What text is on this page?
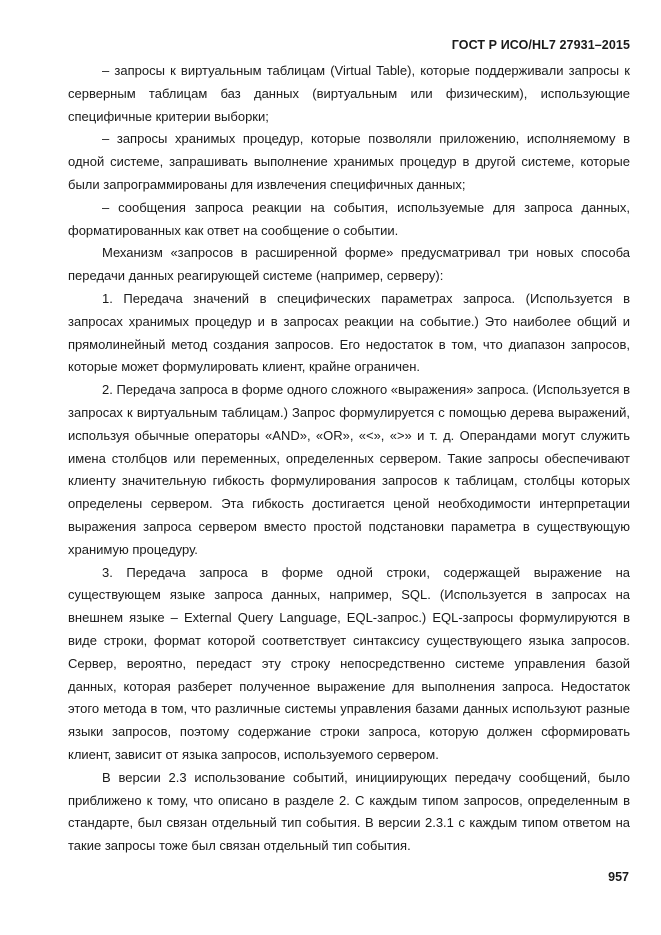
ГОСТ Р ИСО/HL7 27931–2015

– запросы к виртуальным таблицам (Virtual Table), которые поддерживали запросы к серверным таблицам баз данных (виртуальным или физическим), использующие специфичные критерии выборки;

– запросы хранимых процедур, которые позволяли приложению, исполняемому в одной системе, запрашивать выполнение хранимых процедур в другой системе, которые были запрограммированы для извлечения специфичных данных;

– сообщения запроса реакции на события, используемые для запроса данных, форматированных как ответ на сообщение о событии.

Механизм «запросов в расширенной форме» предусматривал три новых способа передачи данных реагирующей системе (например, серверу):

1. Передача значений в специфических параметрах запроса. (Используется в запросах хранимых процедур и в запросах реакции на событие.) Это наиболее общий и прямолинейный метод создания запросов. Его недостаток в том, что диапазон запросов, которые может формулировать клиент, крайне ограничен.

2. Передача запроса в форме одного сложного «выражения» запроса. (Используется в запросах к виртуальным таблицам.) Запрос формулируется с помощью дерева выражений, используя обычные операторы «AND», «OR», «<», «>» и т. д. Операндами могут служить имена столбцов или переменных, определенных сервером. Такие запросы обеспечивают клиенту значительную гибкость формулирования запросов к таблицам, столбцы которых определены сервером. Эта гибкость достигается ценой необходимости интерпретации выражения запроса сервером вместо простой подстановки параметра в существующую хранимую процедуру.

3. Передача запроса в форме одной строки, содержащей выражение на существующем языке запроса данных, например, SQL. (Используется в запросах на внешнем языке – External Query Language, EQL-запрос.) EQL-запросы формулируются в виде строки, формат которой соответствует синтаксису существующего языка запросов. Сервер, вероятно, передаст эту строку непосредственно системе управления базой данных, которая разберет полученное выражение для выполнения запроса. Недостаток этого метода в том, что различные системы управления базами данных используют разные языки запросов, поэтому содержание строки запроса, которую должен сформировать клиент, зависит от языка запросов, используемого сервером.

В версии 2.3 использование событий, инициирующих передачу сообщений, было приближено к тому, что описано в разделе 2. С каждым типом запросов, определенным в стандарте, был связан отдельный тип события. В версии 2.3.1 с каждым типом ответом на такие запросы тоже был связан отдельный тип события.

957
